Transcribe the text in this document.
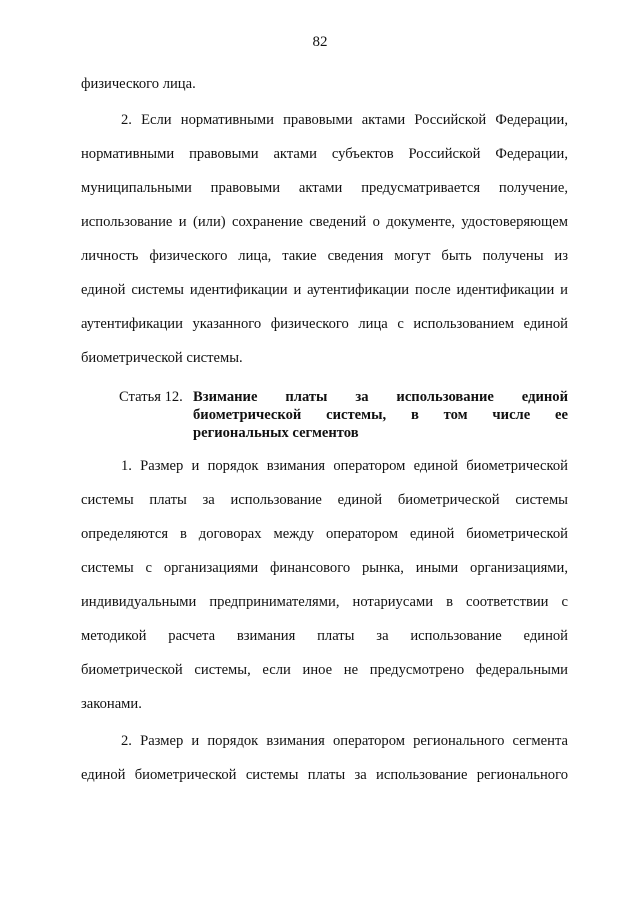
82
физического лица.
2. Если нормативными правовыми актами Российской Федерации,
нормативными правовыми актами субъектов Российской Федерации,
муниципальными правовыми актами предусматривается получение,
использование и (или) сохранение сведений о документе, удостоверяющем
личность физического лица, такие сведения могут быть получены из
единой системы идентификации и аутентификации после идентификации и
аутентификации указанного физического лица с использованием единой
биометрической системы.
Статья 12. Взимание платы за использование единой
биометрической системы, в том числе ее
региональных сегментов
1. Размер и порядок взимания оператором единой биометрической
системы платы за использование единой биометрической системы
определяются в договорах между оператором единой биометрической
системы с организациями финансового рынка, иными организациями,
индивидуальными предпринимателями, нотариусами в соответствии с
методикой расчета взимания платы за использование единой
биометрической системы, если иное не предусмотрено федеральными
законами.
2. Размер и порядок взимания оператором регионального сегмента
единой биометрической системы платы за использование регионального
